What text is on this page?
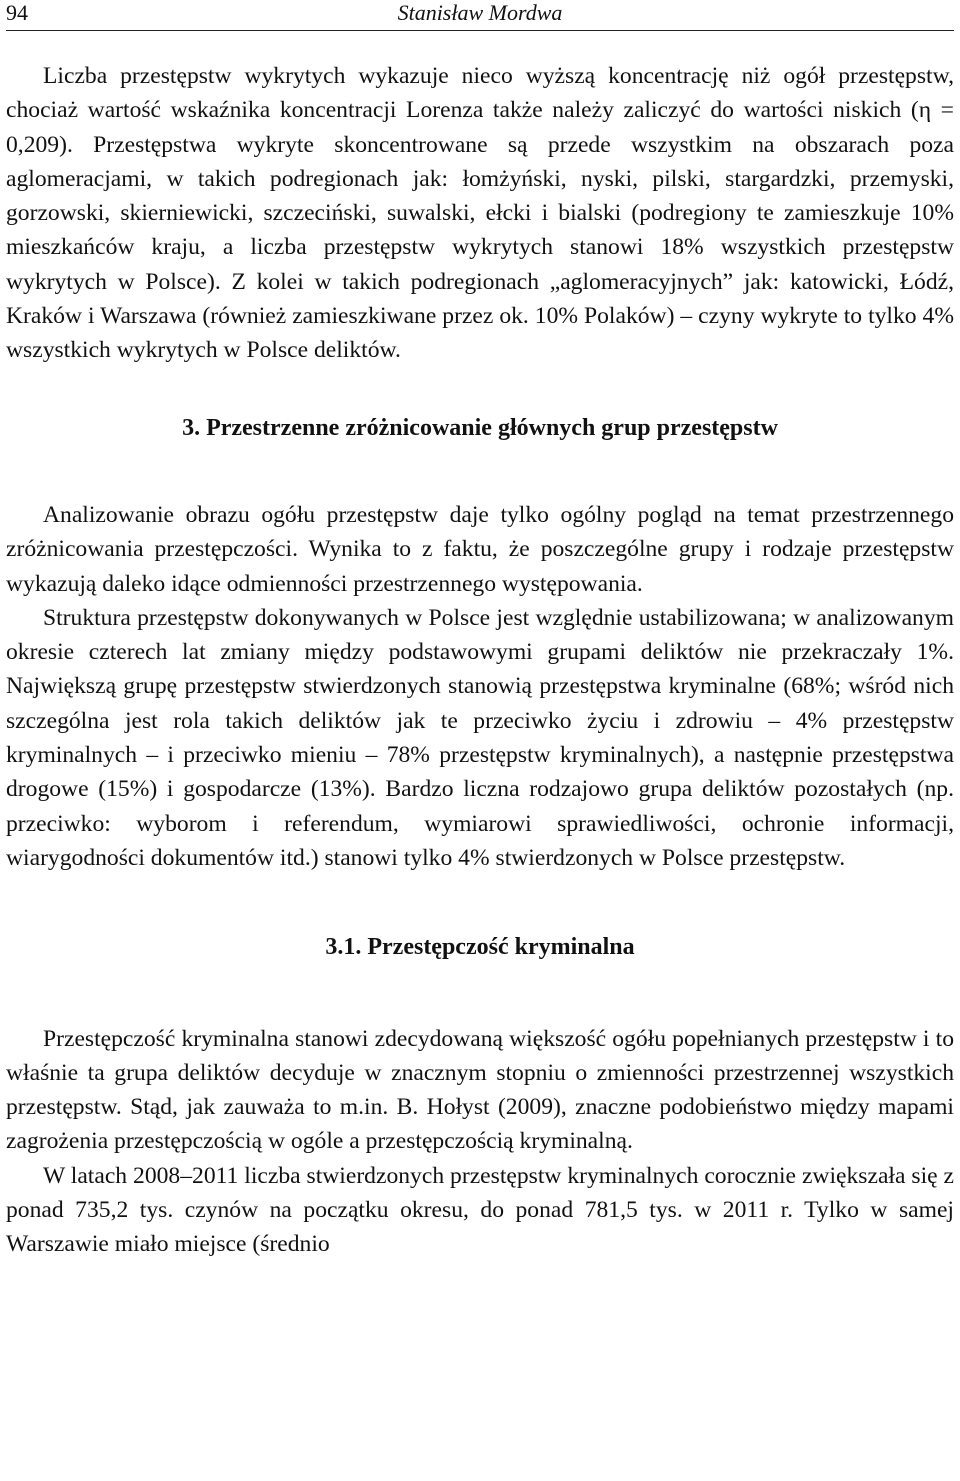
94	Stanisław Mordwa

Liczba przestępstw wykrytych wykazuje nieco wyższą koncentrację niż ogół przestępstw, chociaż wartość wskaźnika koncentracji Lorenza także należy zaliczyć do wartości niskich (η = 0,209). Przestępstwa wykryte skoncentrowane są przede wszystkim na obszarach poza aglomeracjami, w takich podregionach jak: łomżyński, nyski, pilski, stargardzki, przemyski, gorzowski, skierniewicki, szczeciński, suwalski, ełcki i bialski (podregiony te zamieszkuje 10% mieszkańców kraju, a liczba przestępstw wykrytych stanowi 18% wszystkich przestępstw wykrytych w Polsce). Z kolei w takich podregionach „aglomeracyjnych” jak: katowicki, Łódź, Kraków i Warszawa (również zamieszkiwane przez ok. 10% Polaków) – czyny wykryte to tylko 4% wszystkich wykrytych w Polsce deliktów.

3. Przestrzenne zróżnicowanie głównych grup przestępstw

Analizowanie obrazu ogółu przestępstw daje tylko ogólny pogląd na temat przestrzennego zróżnicowania przestępczości. Wynika to z faktu, że poszczególne grupy i rodzaje przestępstw wykazują daleko idące odmienności przestrzennego występowania.

Struktura przestępstw dokonywanych w Polsce jest względnie ustabilizowana; w analizowanym okresie czterech lat zmiany między podstawowymi grupami deliktów nie przekraczały 1%. Największą grupę przestępstw stwierdzonych stanowią przestępstwa kryminalne (68%; wśród nich szczególna jest rola takich deliktów jak te przeciwko życiu i zdrowiu – 4% przestępstw kryminalnych – i przeciwko mieniu – 78% przestępstw kryminalnych), a następnie przestępstwa drogowe (15%) i gospodarcze (13%). Bardzo liczna rodzajowo grupa deliktów pozostałych (np. przeciwko: wyborom i referendum, wymiarowi sprawiedliwości, ochronie informacji, wiarygodności dokumentów itd.) stanowi tylko 4% stwierdzonych w Polsce przestępstw.

3.1. Przestępczość kryminalna

Przestępczość kryminalna stanowi zdecydowaną większość ogółu popełnianych przestępstw i to właśnie ta grupa deliktów decyduje w znacznym stopniu o zmienności przestrzennej wszystkich przestępstw. Stąd, jak zauważa to m.in. B. Hołyst (2009), znaczne podobieństwo między mapami zagrożenia przestępczością w ogóle a przestępczością kryminalną.

W latach 2008–2011 liczba stwierdzonych przestępstw kryminalnych corocznie zwiększała się z ponad 735,2 tys. czynów na początku okresu, do ponad 781,5 tys. w 2011 r. Tylko w samej Warszawie miało miejsce (średnio
